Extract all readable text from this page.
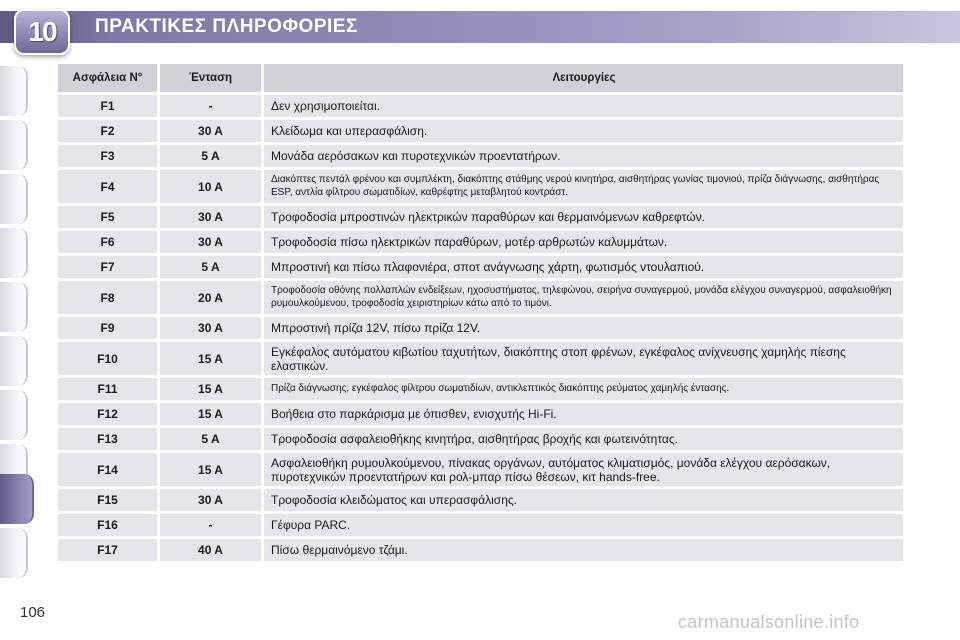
10	ΠΡΑΚΤΙΚΕΣ ΠΛΗΡΟΦΟΡΙΕΣ
Ασφάλεια N°	Ένταση	Λειτουργίες
F1	-	Δεν χρησιμοποιείται.
F2	30 A	Κλείδωμα και υπερασφάλιση.
F3	5 A	Μονάδα αερόσακων και πυροτεχνικών προεντατήρων.
F4	10 A	Διακόπτες πεντάλ φρένου και συμπλέκτη, διακόπτης στάθμης νερού κινητήρα, αισθητήρας γωνίας τιμονιού, πρίζα διάγνωσης, αισθητήρας ESP, αντλία φίλτρου σωματιδίων, καθρέφτης μεταβλητού κοντράστ.
F5	30 A	Τροφοδοσία μπροστινών ηλεκτρικών παραθύρων και θερμαινόμενων καθρεφτών.
F6	30 A	Τροφοδοσία πίσω ηλεκτρικών παραθύρων, μοτέρ αρθρωτών καλυμμάτων.
F7	5 A	Μπροστινή και πίσω πλαφονιέρα, σποτ ανάγνωσης χάρτη, φωτισμός ντουλαπιού.
F8	20 A	Τροφοδοσία οθόνης πολλαπλών ενδείξεων, ηχοσυστήματος, τηλεφώνου, σειρήνα συναγερμού, μονάδα ελέγχου συναγερμού, ασφαλειοθήκη ρυμουλκούμενου, τροφοδοσία χειριστηρίων κάτω από το τιμόνι.
F9	30 A	Μπροστινή πρίζα 12V, πίσω πρίζα 12V.
F10	15 A	Εγκέφαλος αυτόματου κιβωτίου ταχυτήτων, διακόπτης στοπ φρένων, εγκέφαλος ανίχνευσης χαμηλής πίεσης ελαστικών.
F11	15 A	Πρίζα διάγνωσης, εγκέφαλος φίλτρου σωματιδίων, αντικλεπτικός διακόπτης ρεύματος χαμηλής έντασης.
F12	15 A	Βοήθεια στο παρκάρισμα με όπισθεν, ενισχυτής Hi-Fi.
F13	5 A	Τροφοδοσία ασφαλειοθήκης κινητήρα, αισθητήρας βροχής και φωτεινότητας.
F14	15 A	Ασφαλειοθήκη ρυμουλκούμενου, πίνακας οργάνων, αυτόματος κλιματισμός, μονάδα ελέγχου αερόσακων, πυροτεχνικών προεντατήρων και ρολ-μπαρ πίσω θέσεων, κιτ hands-free.
F15	30 A	Τροφοδοσία κλειδώματος και υπερασφάλισης.
F16	-	Γέφυρα PARC.
F17	40 A	Πίσω θερμαινόμενο τζάμι.
106	carmanualsonline.info
